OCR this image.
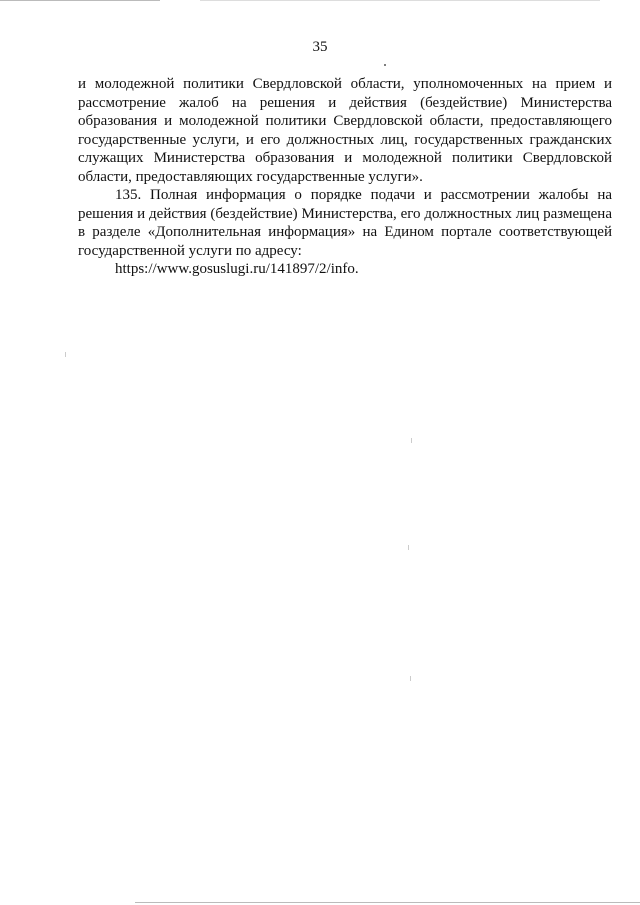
35

и молодежной политики Свердловской области, уполномоченных на прием и рассмотрение жалоб на решения и действия (бездействие) Министерства образования и молодежной политики Свердловской области, предоставляющего государственные услуги, и его должностных лиц, государственных гражданских служащих Министерства образования и молодежной политики Свердловской области, предоставляющих государственные услуги».

135. Полная информация о порядке подачи и рассмотрении жалобы на решения и действия (бездействие) Министерства, его должностных лиц размещена в разделе «Дополнительная информация» на Едином портале соответствующей государственной услуги по адресу:
https://www.gosuslugi.ru/141897/2/info.
